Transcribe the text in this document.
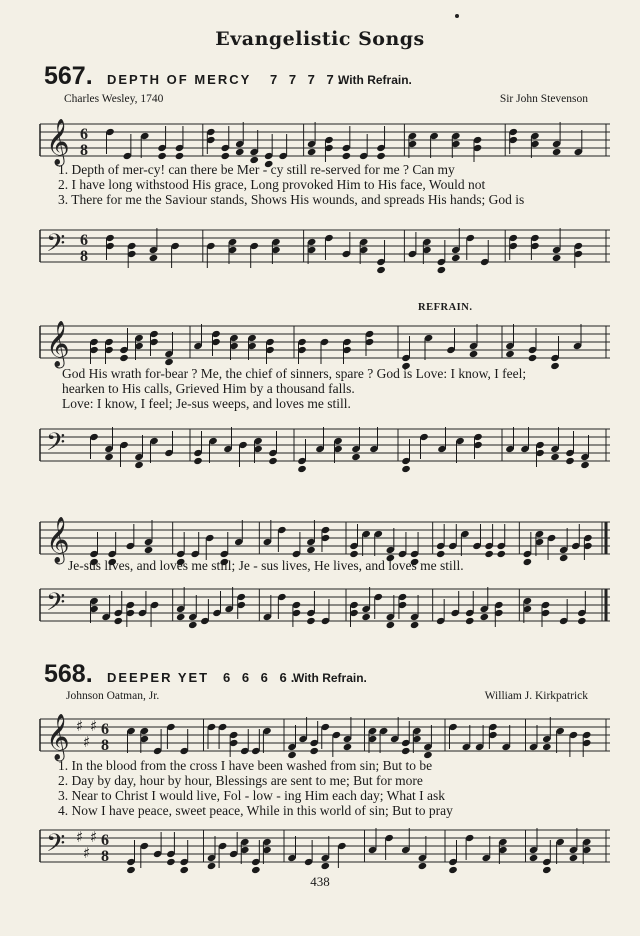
Evangelistic Songs
567. DEPTH OF MERCY 7 7 7 7.
With Refrain.
Charles Wesley, 1740	Sir John Stevenson
𝄞 6
8
1. Depth of mer-cy! can there be Mer - cy still re-served for me ? Can my
2. I have long withstood His grace, Long provoked Him to His face, Would not
3. There for me the Saviour stands, Shows His wounds, and spreads His hands; God is
𝄢 6
8
𝄞
REFRAIN.
God His wrath for-bear ? Me, the chief of sinners, spare ? God is Love: I know, I feel;
hearken to His calls, Grieved Him by a thousand falls.
Love: I know, I feel; Je-sus weeps, and loves me still.
𝄢
𝄞
Je-sus lives, and loves me still; Je - sus lives, He lives, and loves me still.
𝄢
568. DEEPER YET 6 6 6 6.
With Refrain.
Johnson Oatman, Jr.	William J. Kirkpatrick
𝄞 ♯
♯
♯ 6
8
1. In the blood from the cross I have been washed from sin; But to be
2. Day by day, hour by hour, Blessings are sent to me; But for more
3. Near to Christ I would live, Fol - low - ing Him each day; What I ask
4. Now I have peace, sweet peace, While in this world of sin; But to pray
𝄢 ♯
♯
♯ 6
8
438
